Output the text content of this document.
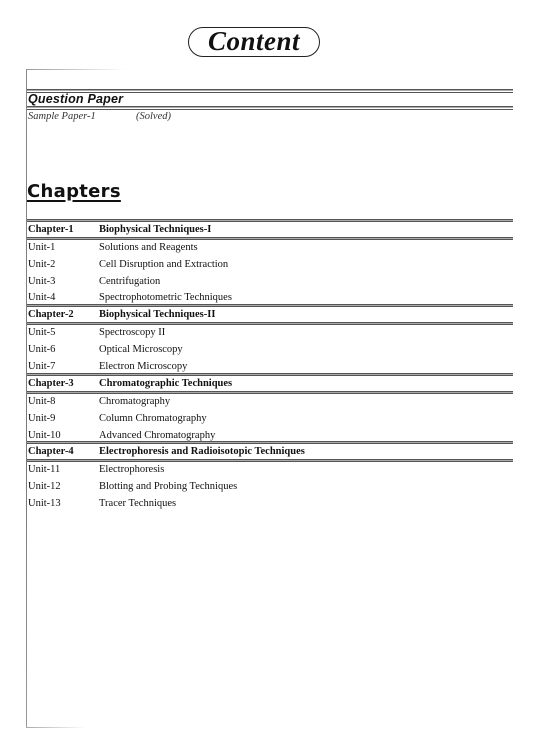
Content
Question Paper
Sample Paper-1	(Solved)
Chapters
Chapter-1 Biophysical Techniques-I
Unit-1	Solutions and Reagents
Unit-2	Cell Disruption and Extraction
Unit-3	Centrifugation
Unit-4	Spectrophotometric Techniques
Chapter-2 Biophysical Techniques-II
Unit-5	Spectroscopy II
Unit-6	Optical Microscopy
Unit-7	Electron Microscopy
Chapter-3 Chromatographic Techniques
Unit-8	Chromatography
Unit-9	Column Chromatography
Unit-10	Advanced Chromatography
Chapter-4 Electrophoresis and Radioisotopic Techniques
Unit-11	Electrophoresis
Unit-12	Blotting and Probing Techniques
Unit-13	Tracer Techniques
